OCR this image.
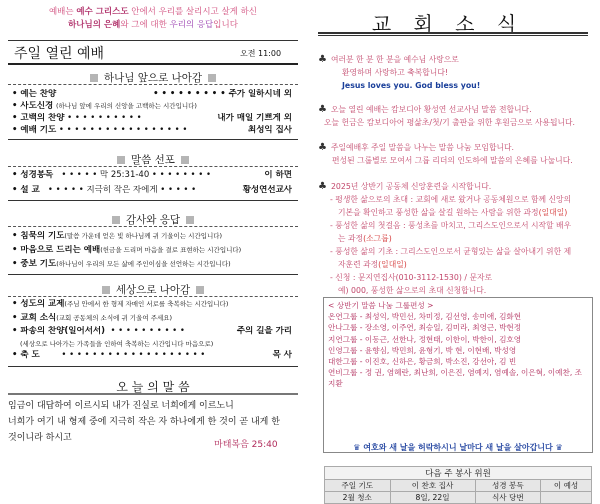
예배는 예수 그리스도 안에서 우리를 살리시고 살게 하신
하나님의 은혜와 그에 대한 우리의 응답입니다
주일 열린 예배	오전 11:00
하나님 앞으로 나아감
• 예는 찬양	• • • • • • • • • 주가 일하시네 외
• 사도신경 (하나님 앞에 우리의 신앙을 고백하는 시간입니다)
• 고백의 찬양 • • • • • • • • • •	내가 매일 기쁘게 외
• 예배 기도 • • • • • • • • • • • • • • • • •	최성익 집사
말씀 선포
• 성경봉독 • • • • • 막 25:31-40 • • • • • • • •	이 하면
• 설 교 • • • • • 지극히 작은 자에게 • • • • •	황성연선교사
감사와 응답
• 침묵의 기도(말씀 가운데 얻은 빛 하나님께 귀 기울이는 시간입니다)
• 마음으로 드리는 예배(헌금을 드리며 마음을 결로 표현하는 시간입니다)
• 중보 기도(하나님이 우리의 모든 삶에 주인이심을 선언하는 시간입니다)
세상으로 나아감
• 성도의 교제(주님 안에서 한 형제 자매인 서로를 축복하는 시간입니다)
• 교회 소식(교회 공동체의 소식에 귀 기울여 주세요)
• 파송의 찬양(일어서서) • • • • • • • • • •	주의 길을 가리
(세상으로 나아가는 가족들을 인하여 축복하는 시간입니다 마음으로)
• 축 도	• • • • • • • • • • • • • • • • • • •	목 사
오 늘 의 말 씀
임금이 대답하여 이르시되 내가 진실로 너희에게 이르노니
너희가 여기 내 형제 중에 지극히 작은 자 하나에게 한 것이 곧 내게 한
것이니라 하시고
마태복음 25:40
교 회 소 식
♣ 여러분 한 분 한 분을 예수님 사랑으로
환영하며 사랑하고 축복합니다!
Jesus loves you. God bless you!
♣ 오늘 열린 예배는 캄보디아 황성연 선교사님 말씀 전합니다.
오늘 헌금은 캄보디아어 평삶초/첫/기 출판을 위한 후원금으로 사용됩니다.
♣ 주일예배후 주일 말씀을 나누는 말씀 나눔 모임합니다.
편성된 그룹별로 모여서 그룹 리더의 인도하에 말씀의 은혜를 나눕니다.
♣ 2025년 상반기 공동체 신앙훈련을 시작합니다.
- 평생한 삶으로의 초대 : 교회에 새로 왔거나 공동체원으로 함께 신앙의
기본을 확인하고 풍성한 삶을 살길 원하는 사람을 위한 과정(일대일)
- 풍성한 삶의 첫걸음 : 풍성초를 마치고, 그리스도인으로서 시작할 배우
는 과정(소그룹)
- 풍성한 삶의 기초 : 그리스도인으로서 균형있는 삶을 살아내기 위한 제
자훈련 과정(일대일)
- 신청 : 문지연집사(010-3112-1530) / 문자로
예) 000, 풍성한 삶으로의 초대 신청합니다.
< 상반기 말씀 나눔 그룹편성 >
온연그룹 - 최성익, 박민선, 차미정, 김선영, 송미애, 김화현
안나그룹 - 장소영, 이주연, 최승일, 김미라, 최영근, 박현정
지연그룹 - 이동근, 선한나, 정현태, 이한이, 박한이, 김호영
인영그룹 - 윤향심, 박민희, 윤형기, 박 현, 이현배, 박성영
대한그룹 - 이진호, 신하은, 황금희, 박소진, 강선아, 김 빈
연비그룹 - 정 권, 염혜란, 최난희, 이은진, 염예지, 염예솔, 이은혁, 이예찬, 조지환
♛ 여호와 새 날을 허락하시니 날마다 새 날을 살아갑니다 ♛
다음 주 봉사 위원			
주일 기도	이 찬호 집사	성경 봉독	이 예성
2월 청소	8일, 22일	식사 당번	
